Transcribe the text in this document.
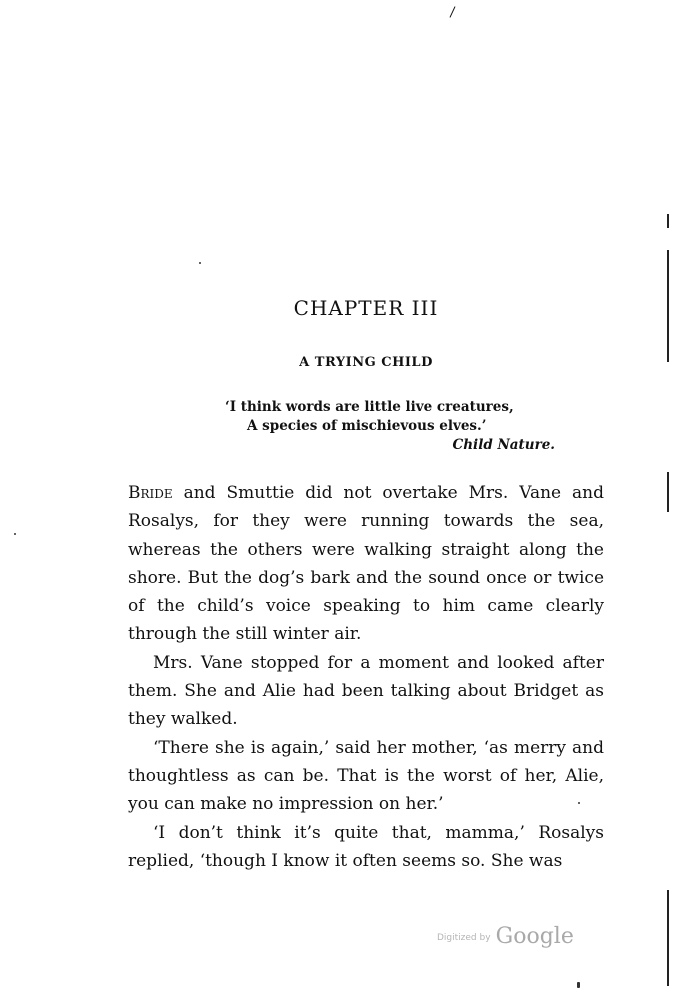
CHAPTER III
A TRYING CHILD
‘I think words are little live creatures,
A species of mischievous elves.’
Child Nature.

Bride and Smuttie did not overtake Mrs. Vane and Rosalys, for they were running towards the sea, whereas the others were walking straight along the shore. But the dog’s bark and the sound once or twice of the child’s voice speaking to him came clearly through the still winter air.

Mrs. Vane stopped for a moment and looked after them. She and Alie had been talking about Bridget as they walked.

‘There she is again,’ said her mother, ‘as merry and thoughtless as can be. That is the worst of her, Alie, you can make no impression on her.’

‘I don’t think it’s quite that, mamma,’ Rosalys replied, ‘though I know it often seems so. She was

Digitized by Google
